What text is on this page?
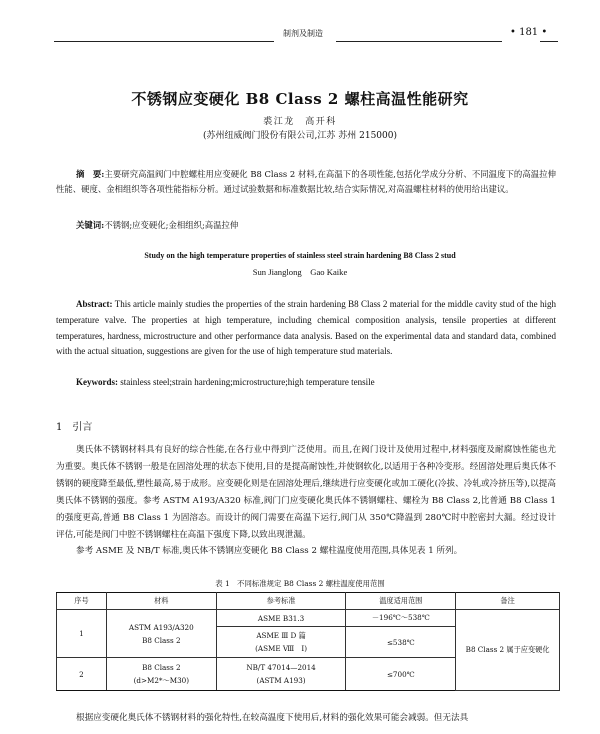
制剂及制造	• 181 •
不锈钢应变硬化 B8 Class 2 螺柱高温性能研究
裘江龙　高开科
(苏州纽威阀门股份有限公司,江苏 苏州 215000)
摘　要:主要研究高温阀门中腔螺柱用应变硬化 B8 Class 2 材料,在高温下的各项性能,包括化学成分分析、不同温度下的高温拉伸性能、硬度、金相组织等各项性能指标分析。通过试验数据和标准数据比较,结合实际情况,对高温螺柱材料的使用给出建议。
关键词:不锈钢;应变硬化;金相组织;高温拉伸
Study on the high temperature properties of stainless steel strain hardening B8 Class 2 stud
Sun Jianglong　Gao Kaike
Abstract: This article mainly studies the properties of the strain hardening B8 Class 2 material for the middle cavity stud of the high temperature valve. The properties at high temperature, including chemical composition analysis, tensile properties at different temperatures, hardness, microstructure and other performance data analysis. Based on the experimental data and standard data, combined with the actual situation, suggestions are given for the use of high temperature stud materials.
Keywords: stainless steel;strain hardening;microstructure;high temperature tensile
1　引言

奥氏体不锈钢材料具有良好的综合性能,在各行业中得到广泛使用。而且,在阀门设计及使用过程中,材料强度及耐腐蚀性能也尤为重要。奥氏体不锈钢一般是在固溶处理的状态下使用,目的是提高耐蚀性,并使钢软化,以适用于各种冷变形。经固溶处理后奥氏体不锈钢的硬度降至最低,塑性最高,易于成形。应变硬化则是在固溶处理后,继续进行应变硬化或加工硬化(冷拔、冷轧或冷挤压等),以提高奥氏体不锈钢的强度。参考 ASTM A193/A320 标准,阀门门应变硬化奥氏体不锈钢螺柱、螺栓为 B8 Class 2,比普通 B8 Class 1 的强度更高,普通 B8 Class 1 为固溶态。而设计的阀门需要在高温下运行,阀门从 350℃降温到 280℃时中腔密封大漏。经过设计评估,可能是阀门中腔不锈钢螺柱在高温下强度下降,以致出现泄漏。

参考 ASME 及 NB/T 标准,奥氏体不锈钢应变硬化 B8 Class 2 螺柱温度使用范围,具体见表 1 所列。

表 1　不同标准规定 B8 Class 2 螺柱温度使用范围
序号	材料	参考标准	温度适用范围	备注
1	ASTM A193/A320
B8 Class 2	ASME B31.3	－196℃～538℃	B8 Class 2 属于应变硬化
		ASME Ⅲ D 篇
(ASME Ⅷ　Ⅰ)	≤538℃	
2	B8 Class 2
(d>M2*～M30)	NB/T 47014—2014
(ASTM A193)	≤700℃	
根据应变硬化奥氏体不锈钢材料的强化特性,在较高温度下使用后,材料的强化效果可能会减弱。但无法具
